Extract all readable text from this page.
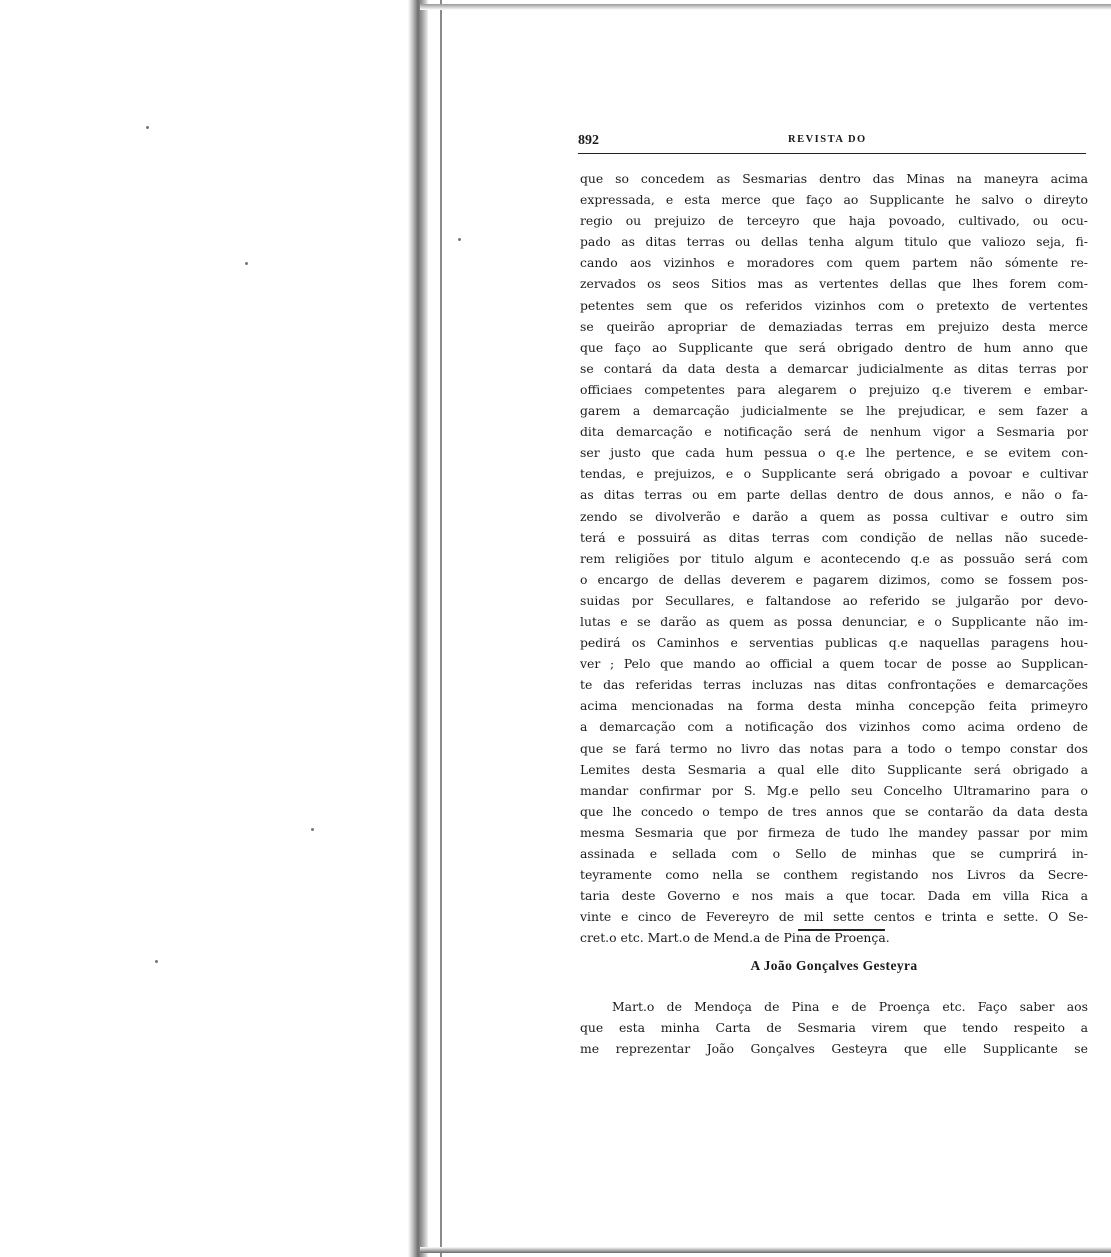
892	REVISTA DO
que so concedem as Sesmarias dentro das Minas na maneyra acima
expressada, e esta merce que faço ao Supplicante he salvo o direyto
regio ou prejuizo de terceyro que haja povoado, cultivado, ou ocu-
pado as ditas terras ou dellas tenha algum titulo que valiozo seja, fi-
cando aos vizinhos e moradores com quem partem não sómente re-
zervados os seos Sitios mas as vertentes dellas que lhes forem com-
petentes sem que os referidos vizinhos com o pretexto de vertentes
se queirão apropriar de demaziadas terras em prejuizo desta merce
que faço ao Supplicante que será obrigado dentro de hum anno que
se contará da data desta a demarcar judicialmente as ditas terras por
officiaes competentes para alegarem o prejuizo q.e tiverem e embar-
garem a demarcação judicialmente se lhe prejudicar, e sem fazer a
dita demarcação e notificação será de nenhum vigor a Sesmaria por
ser justo que cada hum pessua o q.e lhe pertence, e se evitem con-
tendas, e prejuizos, e o Supplicante será obrigado a povoar e cultivar
as ditas terras ou em parte dellas dentro de dous annos, e não o fa-
zendo se divolverão e darão a quem as possa cultivar e outro sim
terá e possuirá as ditas terras com condição de nellas não sucede-
rem religiões por titulo algum e acontecendo q.e as possuão será com
o encargo de dellas deverem e pagarem dizimos, como se fossem pos-
suidas por Secullares, e faltandose ao referido se julgarão por devo-
lutas e se darão as quem as possa denunciar, e o Supplicante não im-
pedirá os Caminhos e serventias publicas q.e naquellas paragens hou-
ver ; Pelo que mando ao official a quem tocar de posse ao Supplican-
te das referidas terras incluzas nas ditas confrontações e demarcações
acima mencionadas na forma desta minha concepção feita primeyro
a demarcação com a notificação dos vizinhos como acima ordeno de
que se fará termo no livro das notas para a todo o tempo constar dos
Lemites desta Sesmaria a qual elle dito Supplicante será obrigado a
mandar confirmar por S. Mg.e pello seu Concelho Ultramarino para o
que lhe concedo o tempo de tres annos que se contarão da data desta
mesma Sesmaria que por firmeza de tudo lhe mandey passar por mim
assinada e sellada com o Sello de minhas que se cumprirá in-
teyramente como nella se conthem registando nos Livros da Secre-
taria deste Governo e nos mais a que tocar. Dada em villa Rica a
vinte e cinco de Fevereyro de mil sette centos e trinta e sette. O Se-
cret.o etc. Mart.o de Mend.a de Pina de Proença.
A João Gonçalves Gesteyra
Mart.o de Mendoça de Pina e de Proença etc. Faço saber aos
que esta minha Carta de Sesmaria virem que tendo respeito a
me reprezentar João Gonçalves Gesteyra que elle Supplicante se
